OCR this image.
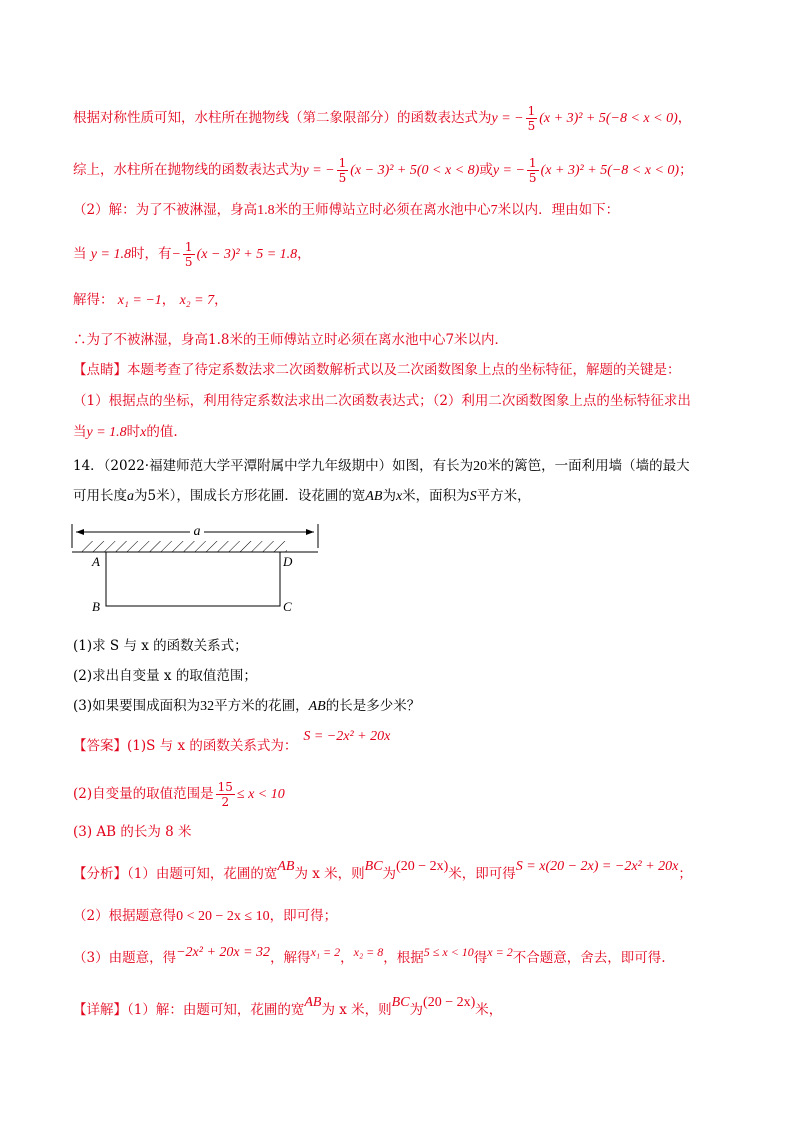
根据对称性质可知，水柱所在抛物线（第二象限部分）的函数表达式为y = − $\frac{1}{5} (x + 3)^2 + 5(-8 < x < 0)$，
综上，水柱所在抛物线的函数表达式为y = − $\frac{1}{5} (x - 3)^2 + 5(0 < x < 8)$或y = − $\frac{1}{5} (x + 3)^2 + 5(-8 < x < 0)$；
（2）解：为了不被淋湿，身高1.8米的王师傅站立时必须在离水池中心7米以内．理由如下：
当 y = 1.8时，有− $\frac{1}{5} (x - 3)^2 + 5 = 1.8$，
解得： x₁ = −1， x₂ = 7，
∴为了不被淋湿，身高1.8米的王师傅站立时必须在离水池中心7米以内．
【点睛】本题考查了待定系数法求二次函数解析式以及二次函数图象上点的坐标特征，解题的关键是：
（1）根据点的坐标，利用待定系数法求出二次函数表达式；（2）利用二次函数图象上点的坐标特征求出
当y = 1.8时x的值.
14．（2022·福建师范大学平潭附属中学九年级期中）如图，有长为20米的篱笆，一面利用墙（墙的最大
可用长度a为5米），围成长方形花圃．设花圃的宽AB为x米，面积为S平方米，
a
A
B	C
D
(1)求 S 与 x 的函数关系式；
(2)求出自变量 x 的取值范围；
(3)如果要围成面积为32平方米的花圃，AB的长是多少米？
【答案】(1)S 与 x 的函数关系式为：S = −2x² + 20x
(2)自变量的取值范围是 $\frac{15}{2} \le x < 10$
(3) AB 的长为 8 米
【分析】（1）由题可知，花圃的宽AB为 x 米，则BC为(20 − 2x)米，即可得S = x(20 − 2x) = −2x² + 20x；
（2）根据题意得0 < 20 − 2x ≤ 10，即可得；
（3）由题意，得−2x² + 20x = 32，解得x₁ = 2，x₂ = 8，根据5 ≤ x < 10得x = 2不合题意，舍去，即可得.
【详解】（1）解：由题可知，花圃的宽AB为 x 米，则BC为(20 − 2x)米，
